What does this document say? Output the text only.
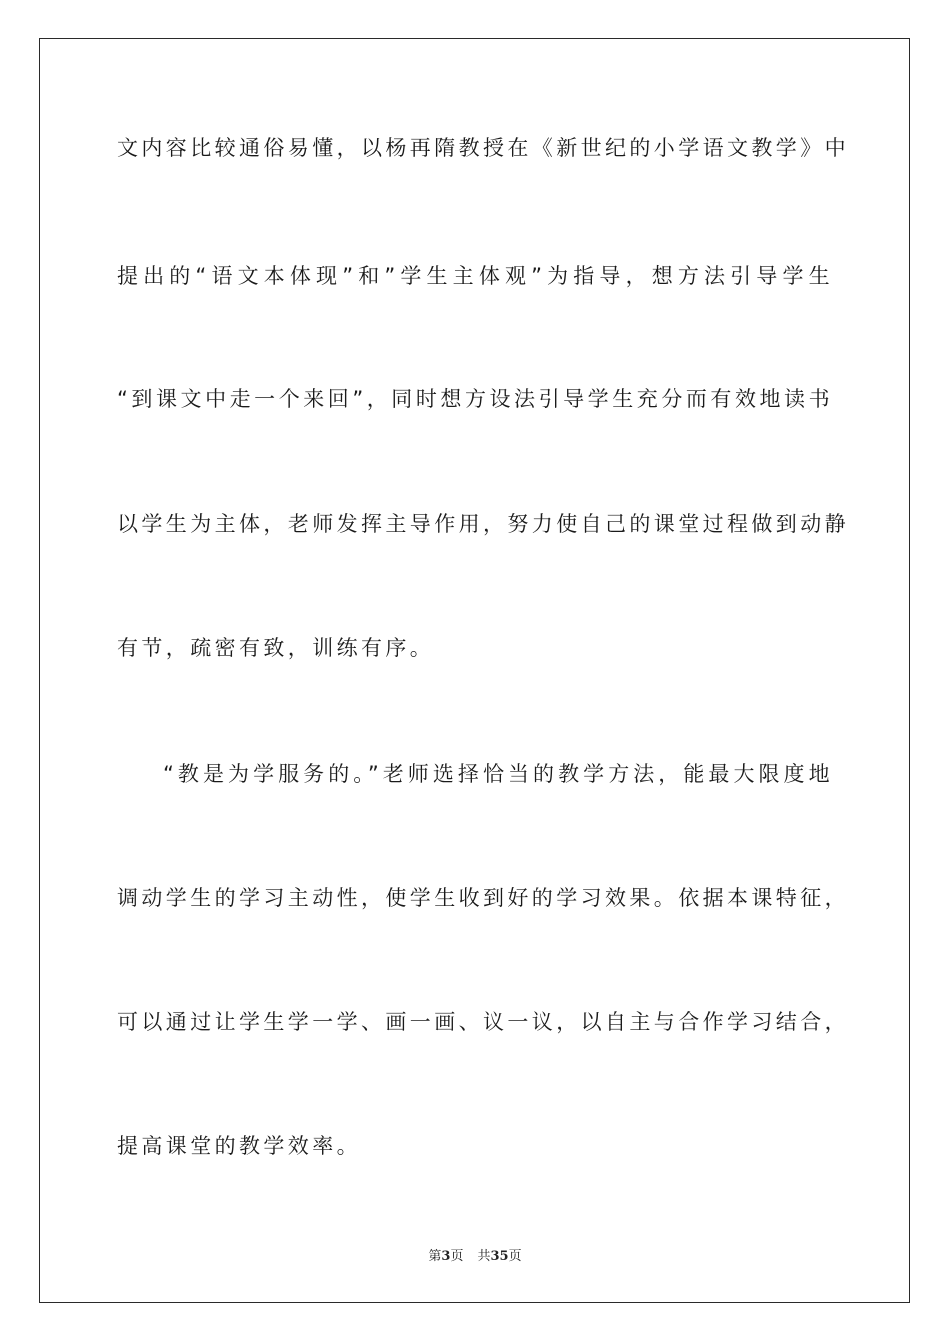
文内容比较通俗易懂，以杨再隋教授在《新世纪的小学语文教学》中
提出的“语文本体现”和”学生主体观”为指导，想方法引导学生
“到课文中走一个来回”，同时想方设法引导学生充分而有效地读书
以学生为主体，老师发挥主导作用，努力使自己的课堂过程做到动静
有节，疏密有致，训练有序。
“教是为学服务的。”老师选择恰当的教学方法，能最大限度地
调动学生的学习主动性，使学生收到好的学习效果。依据本课特征，
可以通过让学生学一学、画一画、议一议，以自主与合作学习结合，
提高课堂的教学效率。
第3页 共35页
